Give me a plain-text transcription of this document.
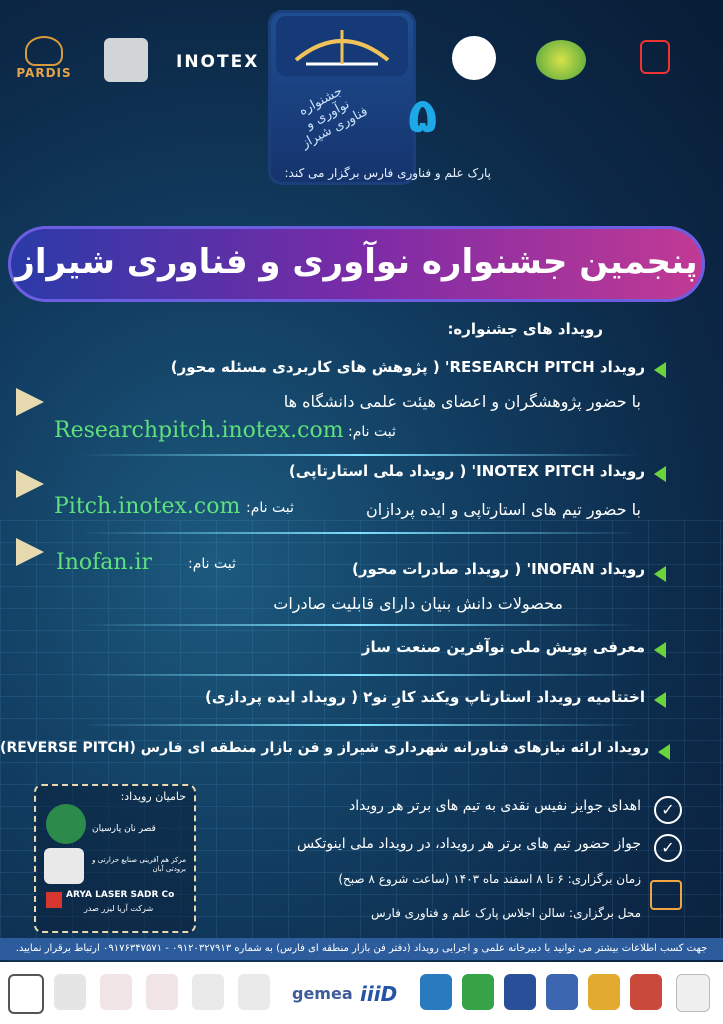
PARDIS
INOTEX
جشنواره نوآوری و فناوری شیراز ۵
پارک علم و فناوری فارس برگزار می کند:
پنجمین جشنواره نوآوری و فناوری شیراز
رویداد های جشنواره:
رویداد RESEARCH PITCH' ( پژوهش های کاربردی مسئله محور)
با حضور پژوهشگران و اعضای هیئت علمی دانشگاه ها
ثبت نام:
Researchpitch.inotex.com
رویداد INOTEX PITCH' ( رویداد ملی استارتاپی)
ثبت نام:
Pitch.inotex.com	با حضور تیم های استارتاپی و ایده پردازان
Inofan.ir	ثبت نام:	رویداد INOFAN' ( رویداد صادرات محور)
محصولات دانش بنیان دارای قابلیت صادرات
معرفی پویش ملی نوآفرین صنعت ساز
اختتامیه رویداد استارتاپ ویکند کارِ نو۲ ( رویداد ایده پردازی)
رویداد ارائه نیازهای فناورانه شهرداری شیراز و فن بازار منطقه ای فارس (REVERSE PITCH)
حامیان رویداد:
قصر نان پارسیان
مرکز هم آفرینی صنایع حرارتی و برودتی آبان
ARYA LASER SADR Co
شرکت آریا لیزر صدر
✓
اهدای جوایز نفیس نقدی به تیم های برتر هر رویداد
✓
جواز حضور تیم های برتر هر رویداد، در رویداد ملی اینوتکس
زمان برگزاری: ۶ تا ۸ اسفند ماه ۱۴۰۳ (ساعت شروع ۸ صبح)
محل برگزاری: سالن اجلاس پارک علم و فناوری فارس
جهت کسب اطلاعات بیشتر می توانید با دبیرخانه علمی و اجرایی رویداد (دفتر فن بازار منطقه ای فارس) به شماره ۰۹۱۲۰۳۲۷۹۱۳ - ۰۹۱۷۶۳۴۷۵۷۱ ارتباط برقرار نمایید.
gemea iiiD
